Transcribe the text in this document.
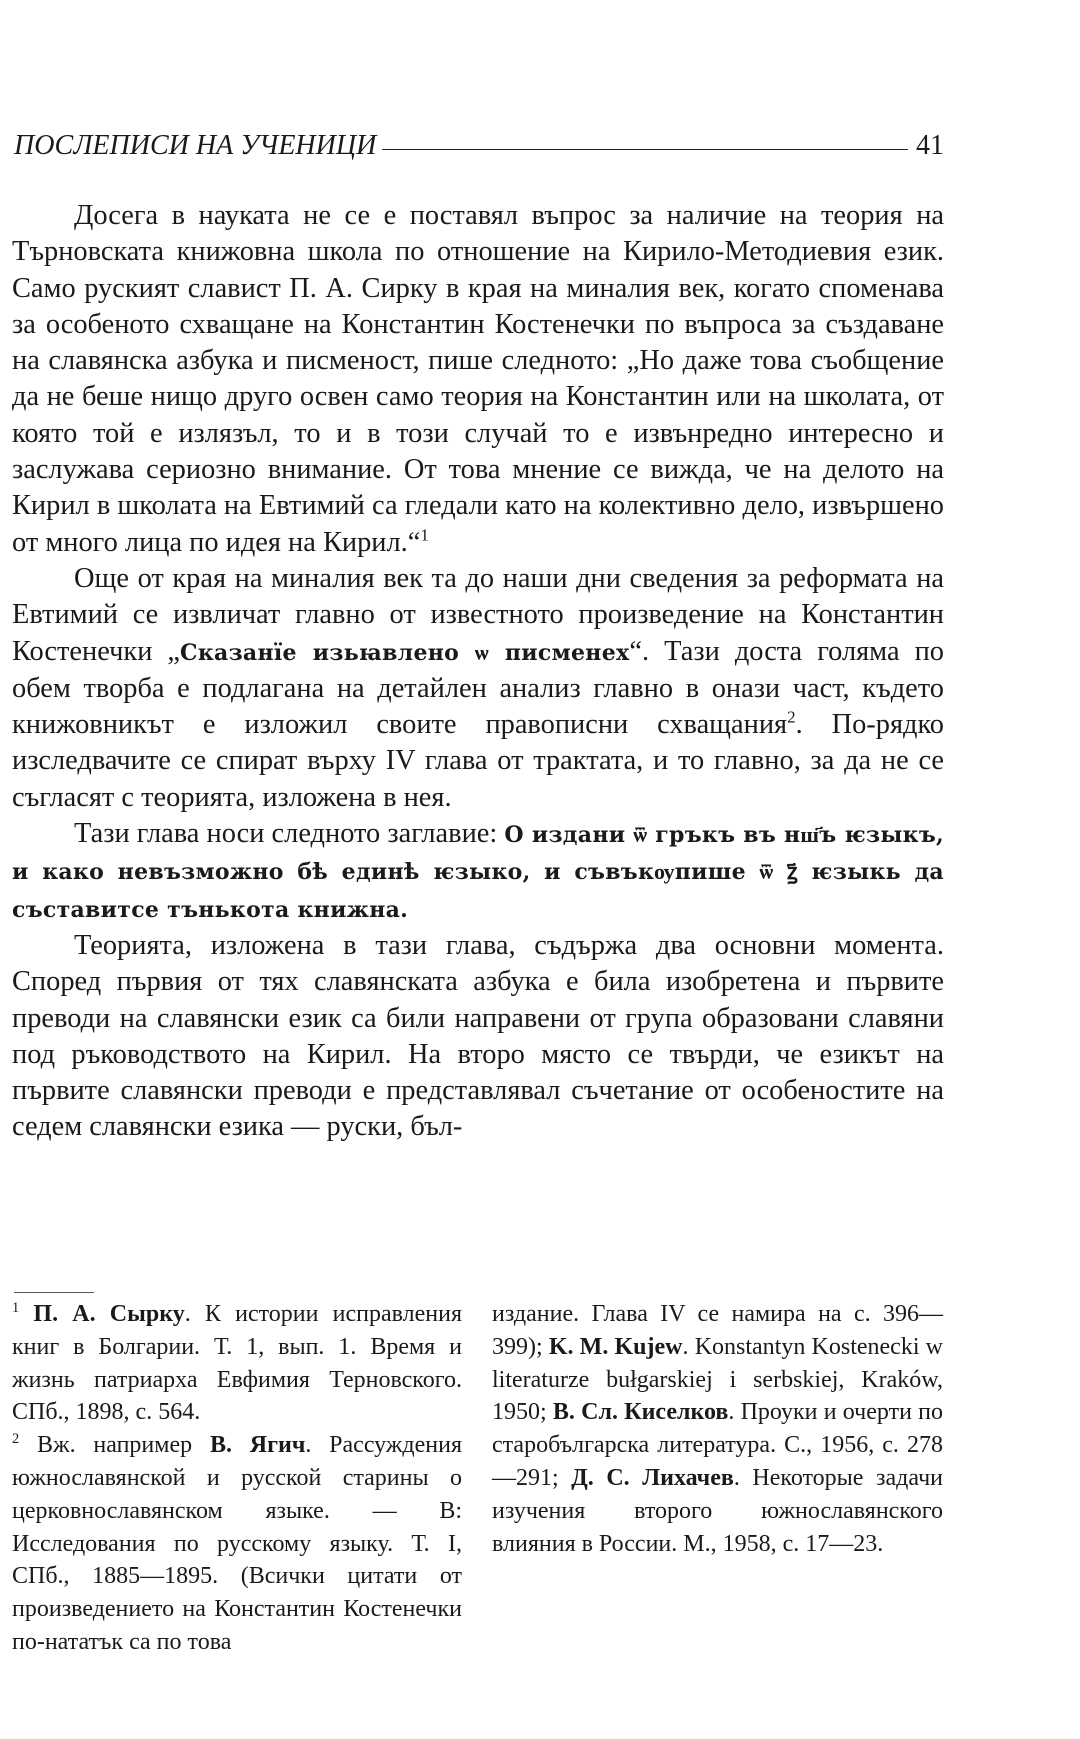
ПОСЛЕПИСИ НА УЧЕНИЦИ	41

Досега в науката не се е поставял въпрос за наличие на теория на Търновската книжовна школа по отношение на Кирило-Методиевия език. Само руският славист П. А. Сирку в края на миналия век, когато споменава за особеното схващане на Константин Костенечки по въпроса за създаване на славянска азбука и писменост, пише следното: „Но даже това съобщение да не беше нищо друго освен само теория на Константин или на школата, от която той е излязъл, то и в този случай то е извънредно интересно и заслужава сериозно внимание. От това мнение се вижда, че на делото на Кирил в школата на Евтимий са гледали като на колективно дело, извършено от много лица по идея на Кирил.“$^1$

Още от края на миналия век та до наши дни сведения за реформата на Евтимий се извличат главно от известното произведение на Константин Костенечки „Сказанїе изьꙗвлено ѡ писменех“. Тази доста голяма по обем творба е подлагана на детайлен анализ главно в онази част, където книжовникът е изложил своите правописни схващания$^2$. По-рядко изследвачите се спират върху IV глава от трактата, и то главно, за да не се съгласят с теорията, изложена в нея.

Тази глава носи следното заглавие: О издани ѿ гръкъ въ нш҃ъ ѥзыкъ, и како невъзможно бѣ единѣ ѥзыко, и съвъкѹпише ѿ ꙁ҃ ѥзыкь да съставитсе тънькота книжна.

Теорията, изложена в тази глава, съдържа два основни момента. Според първия от тях славянската азбука е била изобретена и първите преводи на славянски език са били направени от група образовани славяни под ръководството на Кирил. На второ място се твърди, че езикът на първите славянски преводи е представлявал съчетание от особеностите на седем славянски езика — руски, бъл-

$^1$ П. А. Сырку. К истории исправления книг в Болгарии. Т. 1, вып. 1. Время и жизнь патриарха Евфимия Терновского. СПб., 1898, с. 564.

$^2$ Вж. например В. Ягич. Рассуждения южнославянской и русской старины о церковнославянском языке. — В: Исследования по русскому языку. Т. I, СПб., 1885—1895. (Всички цитати от произведението на Константин Костенечки по-нататък са по това

издание. Глава IV се намира на с. 396—399); K. M. Kujew. Konstantyn Kostenecki w literaturze bułgarskiej i serbskiej, Kraków, 1950; В. Сл. Киселков. Проуки и очерти по старобългарска литература. С., 1956, с. 278—291; Д. С. Лихачев. Некоторые задачи изучения второго южнославянского влияния в России. М., 1958, с. 17—23.
